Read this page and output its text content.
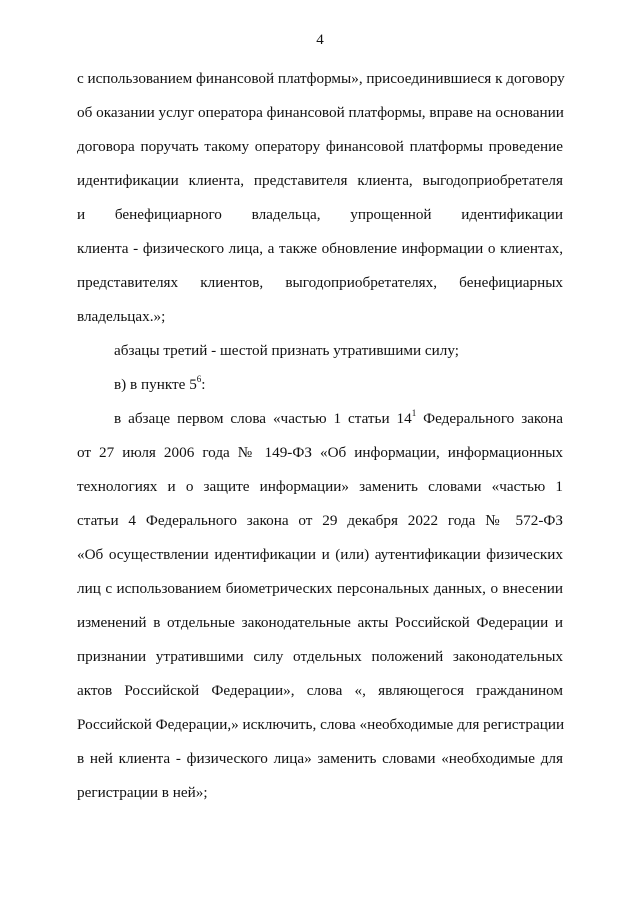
4
с использованием финансовой платформы», присоединившиеся к договору
об оказании услуг оператора финансовой платформы, вправе на основании
договора поручать такому оператору финансовой платформы проведение
идентификации клиента, представителя клиента, выгодоприобретателя
и бенефициарного владельца, упрощенной идентификации
клиента - физического лица, а также обновление информации о клиентах,
представителях клиентов, выгодоприобретателях, бенефициарных
владельцах.»;
абзацы третий - шестой признать утратившими силу;
в) в пункте $5^6$:
в абзаце первом слова «частью 1 статьи $14^1$ Федерального закона
от 27 июля 2006 года № 149-ФЗ «Об информации, информационных
технологиях и о защите информации» заменить словами «частью 1
статьи 4 Федерального закона от 29 декабря 2022 года № 572-ФЗ
«Об осуществлении идентификации и (или) аутентификации физических
лиц с использованием биометрических персональных данных, о внесении
изменений в отдельные законодательные акты Российской Федерации и
признании утратившими силу отдельных положений законодательных
актов Российской Федерации», слова «, являющегося гражданином
Российской Федерации,» исключить, слова «необходимые для регистрации
в ней клиента - физического лица» заменить словами «необходимые для
регистрации в ней»;
